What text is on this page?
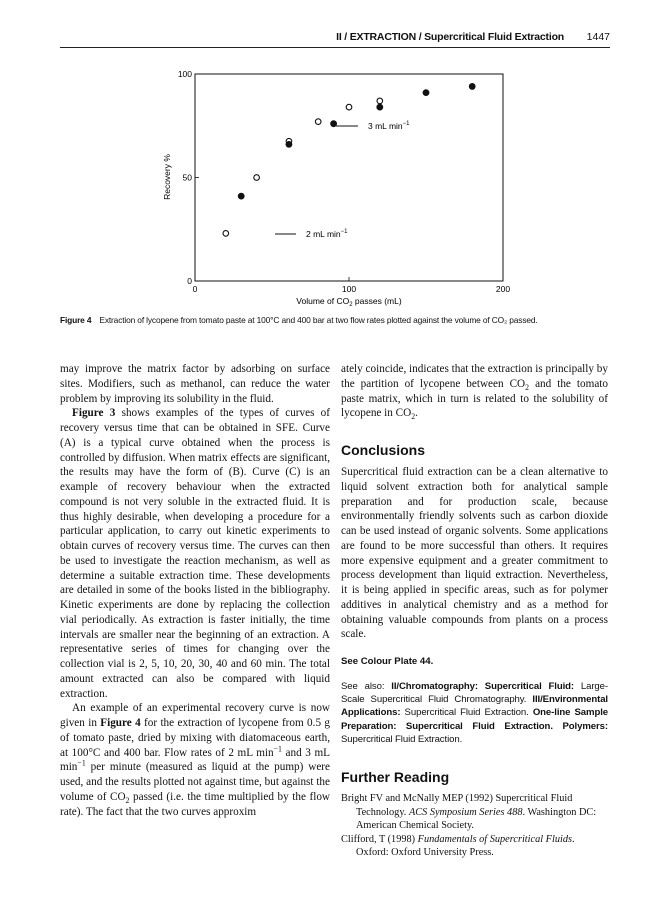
II / EXTRACTION / Supercritical Fluid Extraction 1447
0	100	200
0
50
100
Volume of $CO_2$ passes (mL)
Recovery %
2 mL $\min^{-1}$
3 mL $\min^{-1}$
Figure 4 Extraction of lycopene from tomato paste at 100°C and 400 bar at two flow rates plotted against the volume of CO₂ passed.

may improve the matrix factor by adsorbing on surface sites. Modifiers, such as methanol, can reduce the water problem by improving its solubility in the fluid.

Figure 3 shows examples of the types of curves of recovery versus time that can be obtained in SFE. Curve (A) is a typical curve obtained when the process is controlled by diffusion. When matrix effects are significant, the results may have the form of (B). Curve (C) is an example of recovery behaviour when the extracted compound is not very soluble in the extracted fluid. It is thus highly desirable, when developing a procedure for a particular application, to carry out kinetic experiments to obtain curves of recovery versus time. The curves can then be used to investigate the reaction mechanism, as well as determine a suitable extraction time. These developments are detailed in some of the books listed in the bibliography. Kinetic experiments are done by replacing the collection vial periodically. As extraction is faster initially, the time intervals are smaller near the beginning of an extraction. A representative series of times for changing over the collection vial is 2, 5, 10, 20, 30, 40 and 60 min. The total amount extracted can also be compared with liquid extraction.

An example of an experimental recovery curve is now given in Figure 4 for the extraction of lycopene from 0.5 g of tomato paste, dried by mixing with diatomaceous earth, at 100°C and 400 bar. Flow rates of 2 mL $\min^{-1}$ and 3 mL $\min^{-1}$ per minute (measured as liquid at the pump) were used, and the results plotted not against time, but against the volume of $CO_2$ passed (i.e. the time multiplied by the flow rate). The fact that the two curves approxim

ately coincide, indicates that the extraction is principally by the partition of lycopene between $CO_2$ and the tomato paste matrix, which in turn is related to the solubility of lycopene in $CO_2$.

Conclusions

Supercritical fluid extraction can be a clean alternative to liquid solvent extraction both for analytical sample preparation and for production scale, because environmentally friendly solvents such as carbon dioxide can be used instead of organic solvents. Some applications are found to be more successful than others. It requires more expensive equipment and a greater commitment to process development than liquid extraction. Nevertheless, it is being applied in specific areas, such as for polymer additives in analytical chemistry and as a method for obtaining valuable compounds from plants on a process scale.

See Colour Plate 44.
See also: II/Chromatography: Supercritical Fluid: Large-Scale Supercritical Fluid Chromatography. III/Environmental Applications: Supercritical Fluid Extraction. One-line Sample Preparation: Supercritical Fluid Extraction. Polymers: Supercritical Fluid Extraction.
Further Reading

Bright FV and McNally MEP (1992) Supercritical Fluid Technology. ACS Symposium Series 488. Washington DC: American Chemical Society.

Clifford, T (1998) Fundamentals of Supercritical Fluids. Oxford: Oxford University Press.
